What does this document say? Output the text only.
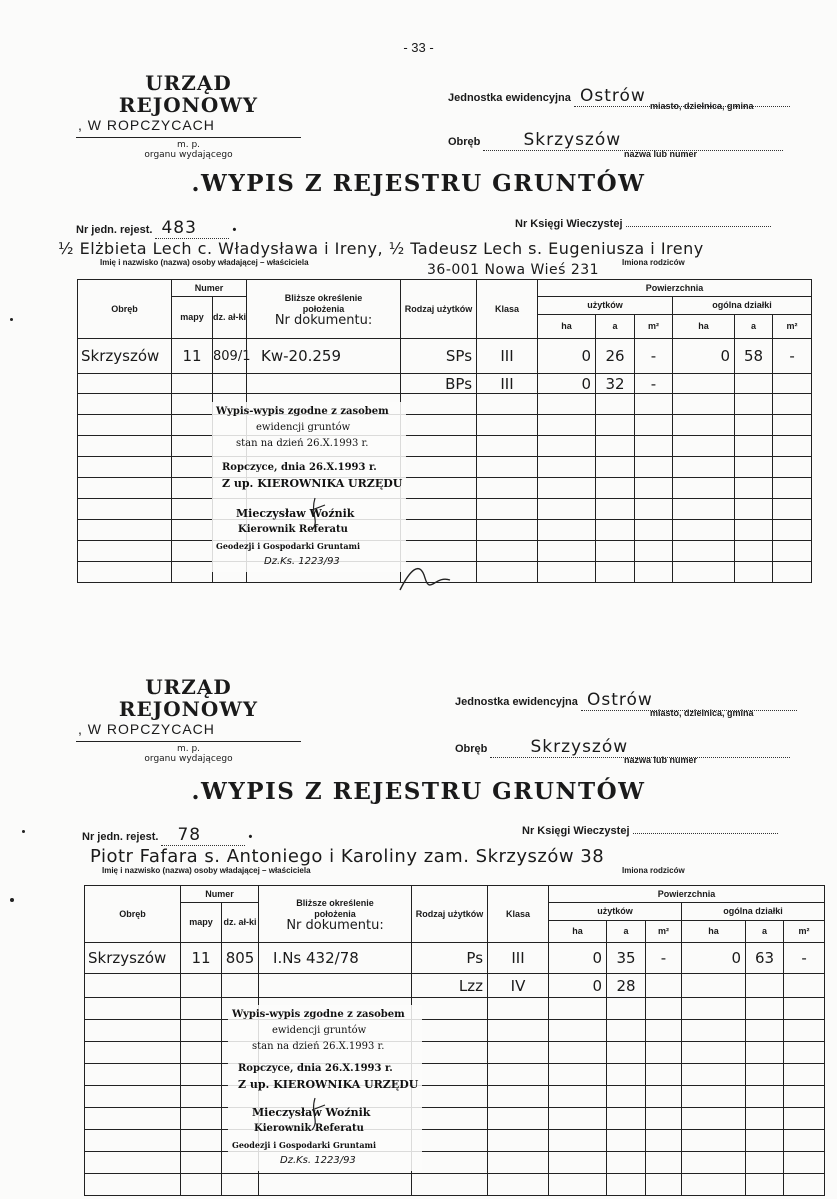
- 33 -
URZĄD REJONOWY
, W ROPCZYCACH
m. p.
organu wydającego
Jednostka ewidencyjna Ostrów miasto, dzielnica, gmina
Obręb	Skrzyszów
nazwa lub numer
.WYPIS Z REJESTRU GRUNTÓW
Nr jedn. rejest. 483	•	Nr Księgi Wieczystej
½ Elżbieta Lech c. Władysława i Ireny, ½ Tadeusz Lech s. Eugeniusza i Ireny
Imię i nazwisko (nazwa) osoby władającej – właściciela	36-001 Nowa Wieś 231	Imiona rodziców
Obręb	Numer		Bliższe określenie położenia
Nr dokumentu:	Rodzaj użytków	Klasa	Powierzchnia					
	mapy	dz. ał-ki				użytków			ogólna działki		
						ha	a	m²	ha	a	m²
Skrzyszów	11	809/1	Kw-20.259	SPs	III	0	26	-	0	58	-
				BPs	III	0	32	-			

Wypis-wypis zgodne z zasobem
ewidencji gruntów
stan na dzień 26.X.1993 r.
Ropczyce, dnia 26.X.1993 r.
Z up. KIEROWNIKA URZĘDU
Mieczysław Woźnik
Kierownik Referatu
Geodezji i Gospodarki Gruntami
Dz.Ks. 1223/93
URZĄD REJONOWY
, W ROPCZYCACH
m. p.
organu wydającego
Jednostka ewidencyjna Ostrów
miasto, dzielnica, gmina
Obręb	Skrzyszów
nazwa lub numer
.WYPIS Z REJESTRU GRUNTÓW
Nr jedn. rejest. 78	•	Nr Księgi Wieczystej
Piotr Fafara s. Antoniego i Karoliny zam. Skrzyszów 38
Imię i nazwisko (nazwa) osoby władającej – właściciela	Imiona rodziców
Obręb	Numer		Bliższe określenie położenia
Nr dokumentu:	Rodzaj użytków	Klasa	Powierzchnia					
	mapy	dz. ał-ki				użytków			ogólna działki		
						ha	a	m²	ha	a	m²
Skrzyszów	11	805	I.Ns 432/78	Ps	III	0	35	-	0	63	-
				Lzz	IV	0	28				

Wypis-wypis zgodne z zasobem
ewidencji gruntów
stan na dzień 26.X.1993 r.
Ropczyce, dnia 26.X.1993 r.
Z up. KIEROWNIKA URZĘDU
Mieczysław Woźnik
Kierownik Referatu
Geodezji i Gospodarki Gruntami
Dz.Ks. 1223/93
